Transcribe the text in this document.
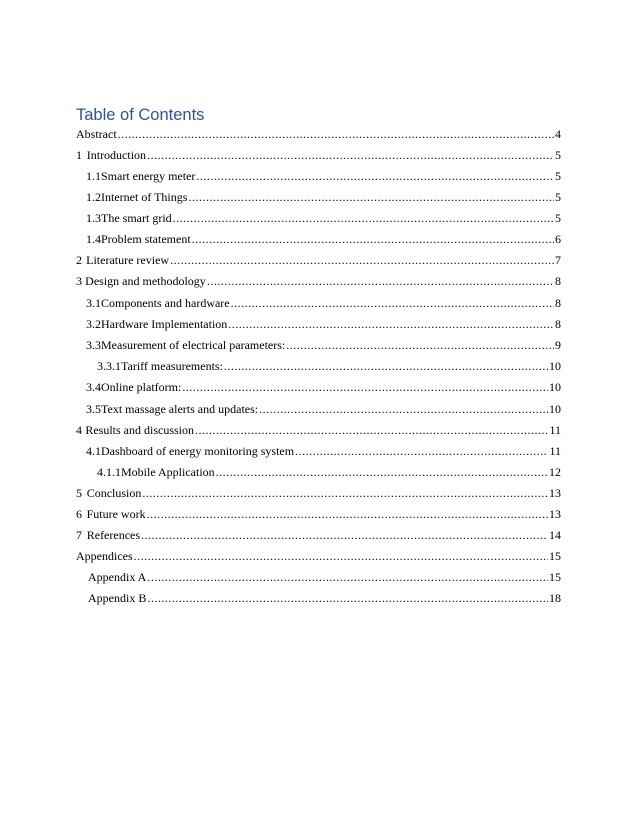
Table of Contents
Abstract .....	4
1 Introduction .....	5
1.1 Smart energy meter .....	5
1.2 Internet of Things .....	5
1.3 The smart grid .....	5
1.4 Problem statement .....	6
2 Literature review .....	7
3 Design and methodology .....	8
3.1 Components and hardware .....	8
3.2 Hardware Implementation .....	8
3.3 Measurement of electrical parameters: .....	9
3.3.1 Tariff measurements: .....	10
3.4 Online platform: .....	10
3.5 Text massage alerts and updates: .....	10
4 Results and discussion .....	11
4.1 Dashboard of energy monitoring system .....	11
4.1.1 Mobile Application .....	12
5 Conclusion .....	13
6 Future work .....	13
7 References .....	14
Appendices .....	15
Appendix A .....	15
Appendix B .....	18
